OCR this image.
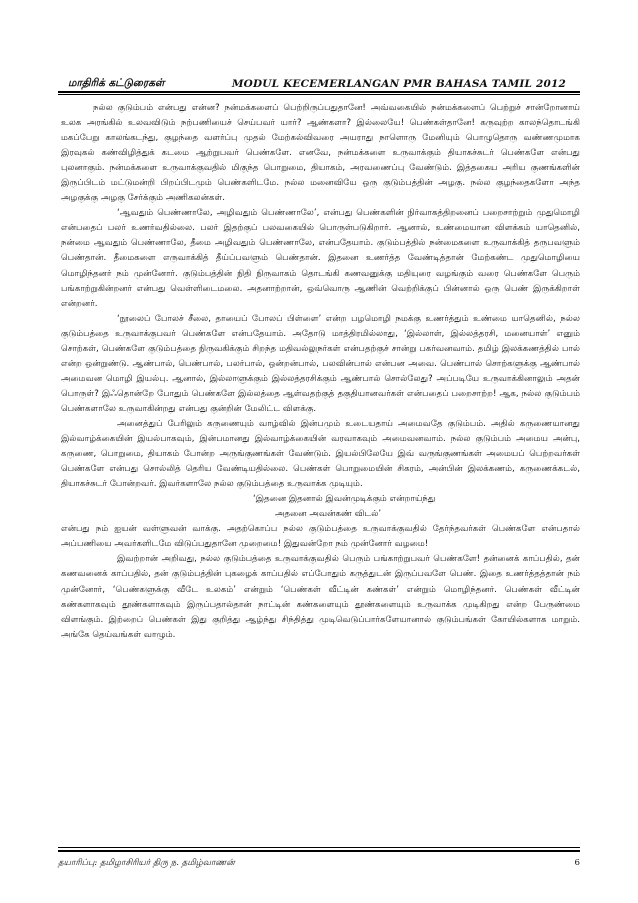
மாதிரிக் கட்டுரைகள்	MODUL KECEMERLANGAN PMR BAHASA TAMIL 2012

நல்ல குடும்பம் என்பது என்ன? நன்மக்களைப் பெற்றிருப்பதுதானே! அவ்வகையில் நன்மக்களைப் பெற்றுச் சான்றோனாய் உலக அரங்கில் உலவவிடும் நற்பணியைச் செய்பவர் யார்? ஆண்களா? இல்லையே! பெண்கள்தானே! கருவுற்ற காலந்தொடங்கி மகப்பேறு காலங்கடந்து, குழந்தை வளர்ப்பு முதல் மேற்கல்விவரை அயராது நாளொரு மேனியும் பொழுதொரு வண்ணமுமாக இரவுகல் கண்விழித்துக் கடமை ஆற்றுபவர் பெண்களே. எனவே, நன்மக்களை உருவாக்கும் தியாகச்சுடர் பெண்களே என்பது புலனாகும். நன்மக்களை உருவாக்குவதில் மிகுந்த பொறுமை, தியாகம், அரவணைப்பு வேண்டும். இத்தகைய அரிய குணங்களின் இருப்பிடம் மட்டுமன்றி பிறப்பிடமும் பெண்களிடமே. நல்ல மனைவியே ஒரு குடும்பத்தின் அழகு. நல்ல குழந்தைகளோ அந்த அழகுக்கு அழகு சேர்க்கும் அணிகலன்கள்.

‘ஆவதும் பெண்ணாலே, அழிவதும் பெண்ணாலே’, என்பது பெண்களின் நிர்வாகத்திறனைப் பறைசாற்றும் முதுமொழி என்பதைப் பலர் உணர்வதில்லை. பலர் இதற்குப் பலவகையில் பொருள்படுகிறார். ஆனால், உண்மையான விளக்கம் யாதெனில், நன்மை ஆவதும் பெண்ணாலே, தீமை அழிவதும் பெண்ணாலே, என்பதேயாம். குடும்பத்தில் நன்மைகளை உருவாக்கித் தருபவளும் பெண்தான். தீமைகளை எருவாக்கித் தீய்ப்பவளும் பெண்தான். இதனை உணர்த்த வேண்டித்தான் மேற்கண்ட முதுமொழியை மொழிந்தனர் நம் முன்னோர். குடும்பத்தின் நிதி நிருவாகம் தொடங்கி கணவனுக்கு மதியுரை வழங்கும் வரை பெண்களே பெரும் பங்காற்றுகின்றனர் என்பது வெள்ளிடைமலை. அதனாற்றான், ஒவ்வொரு ஆணின் வெற்றிக்குப் பின்னால் ஒரு பெண் இருக்கிறாள் என்றனர்.

‘நூலைப் போலச் சீலை, தாயைப் போலப் பிள்ளை’ என்ற பழமொழி நமக்கு உணர்த்தும் உண்மை யாதெனில், நல்ல குடும்பத்தை உருவாக்குபவர் பெண்களே என்பதேயாம். அதோடு மாத்திரமில்லாது, ‘இல்லாள், இல்லத்தரசி, மனையாள்’ எனும் சொற்கள், பெண்களே குடும்பத்தை நிருவகிக்கும் சிறந்த மதிவல்லுநர்கள் என்பதற்குச் சான்று பகர்வனவாம். தமிழ் இலக்கணத்தில் பால் என்ற ஒன்றுண்டு. ஆண்பால், பெண்பால், பலர்பால், ஒன்றன்பால், பலவின்பால் என்பன அவை. பெண்பால் சொற்களுக்கு ஆண்பால் அமைவன மொழி இயல்பு. ஆனால், இல்லாளுக்கும் இல்லத்தரசிக்கும் ஆண்பால் சொல்லேது? அப்படியே உருவாக்கினாலும் அதன் பொருள்? இஃதொன்றே போதும் பெண்களே இல்லத்தை ஆள்வதற்குத் தகுதியானவர்கள் என்பதைப் பறைசாற்ற! ஆக, நல்ல குடும்பம் பெண்களாலே உருவாகின்றது என்பது குன்றின் மேலிட்ட விளக்கு.

அனைத்துப் பேரிலும் கருணையும் வாழ்வில் இன்பமும் உடையதாய் அமைவதே குடும்பம். அதில் கருணையானது இல்வாழ்க்கையின் இயல்பாகவும், இன்பமானது இல்வாழ்க்கையின் வரவாகவும் அமைவனவாம். நல்ல குடும்பம் அமைய அன்பு, கருணை, பொறுமை, தியாகம் போன்ற அருங்குணங்கள் வேண்டும். இயல்பிலேயே இவ் வருங்குணங்கள் அமையப் பெற்றவர்கள் பெண்களே என்பது சொல்லித் தெரிய வேண்டியதில்லை. பெண்கள் பொறுமையின் சிகரம், அன்பின் இலக்கணம், கருணைக்கடல், தியாகச்சுடர் போன்றவர். இவர்களாலே நல்ல குடும்பத்தை உருவாக்க முடியும்.

‘இதனை இதனால் இவன்முடிக்கும் என்றாய்ந்து

அதனை அவன்கண் விடல்’

என்பது நம் ஐயன் வள்ளுவன் வாக்கு. அதற்கொப்ப நல்ல குடும்பத்தை உருவாக்குவதில் தேர்ந்தவர்கள் பெண்களே என்பதால் அப்பணியை அவர்களிடமே விடுப்பதுதானே முறைமை! இதுவன்றோ நம் முன்னோர் வழமை!

இவற்றான் அறிவது, நல்ல குடும்பத்தை உருவாக்குவதில் பெரும் பங்காற்றுபவர் பெண்களே! தன்னைக் காப்பதில், தன் கணவனைக் காப்பதில், தன் குடும்பத்தின் புகழைக் காப்பதில் எப்போதும் கருத்துடன் இருப்பவளே பெண். இதை உணர்த்தத்தான் நம் முன்னோர், ‘பெண்களுக்கு வீடே உலகம்’ என்றும் ‘பெண்கள் வீட்டின் கண்கள்’ என்றும் மொழிந்தனர். பெண்கள் வீட்டின் கண்களாகவும் தூண்களாகவும் இருப்பதால்தான் நாட்டின் கண்களையும் தூண்களையும் உருவாக்க முடிகிறது என்ற பேருண்மை விளங்கும். இற்றைப் பெண்கள் இது குறித்து ஆழ்ந்து சிந்தித்து முடிவெடுப்பார்களேயானால் குடும்பங்கள் கோயில்களாக மாறும். அங்கே தெய்வங்கள் வாழும்.

தயாரிப்பு: தமிழாசிரியர் திரு ந. தமிழ்வாணன்	6
